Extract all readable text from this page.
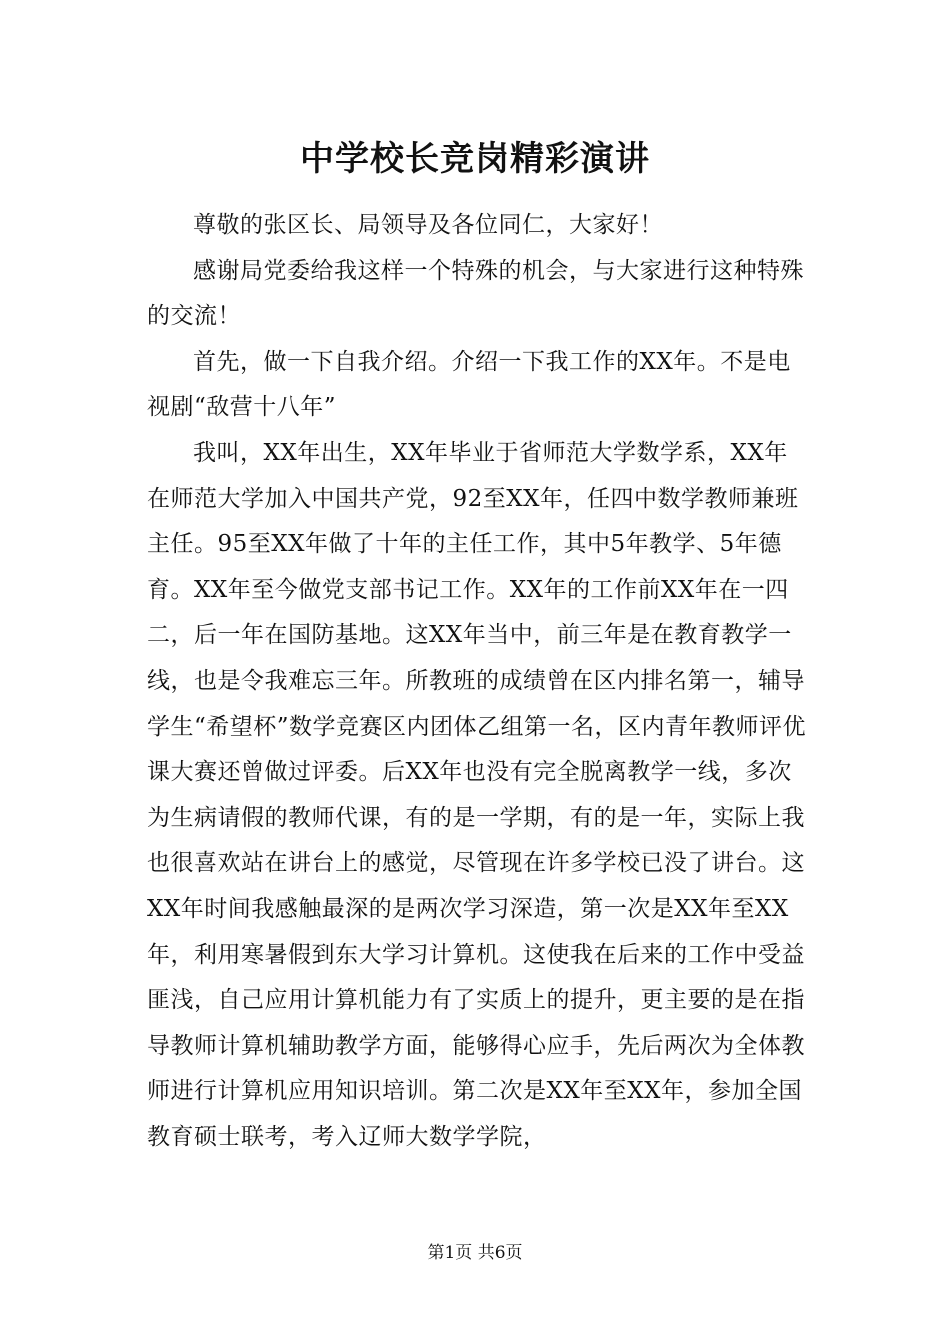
中学校长竞岗精彩演讲

尊敬的张区长、局领导及各位同仁，大家好！

感谢局党委给我这样一个特殊的机会，与大家进行这种特殊的交流！

首先，做一下自我介绍。介绍一下我工作的XX年。不是电视剧“敌营十八年”

我叫，XX年出生，XX年毕业于省师范大学数学系，XX年在师范大学加入中国共产党，92至XX年，任四中数学教师兼班主任。95至XX年做了十年的主任工作，其中5年教学、5年德育。XX年至今做党支部书记工作。XX年的工作前XX年在一四二，后一年在国防基地。这XX年当中，前三年是在教育教学一线，也是令我难忘三年。所教班的成绩曾在区内排名第一，辅导学生“希望杯”数学竞赛区内团体乙组第一名，区内青年教师评优课大赛还曾做过评委。后XX年也没有完全脱离教学一线，多次为生病请假的教师代课，有的是一学期，有的是一年，实际上我也很喜欢站在讲台上的感觉，尽管现在许多学校已没了讲台。这XX年时间我感触最深的是两次学习深造，第一次是XX年至XX年，利用寒暑假到东大学习计算机。这使我在后来的工作中受益匪浅，自己应用计算机能力有了实质上的提升，更主要的是在指导教师计算机辅助教学方面，能够得心应手，先后两次为全体教师进行计算机应用知识培训。第二次是XX年至XX年，参加全国教育硕士联考，考入辽师大数学学院，

第1页 共6页
